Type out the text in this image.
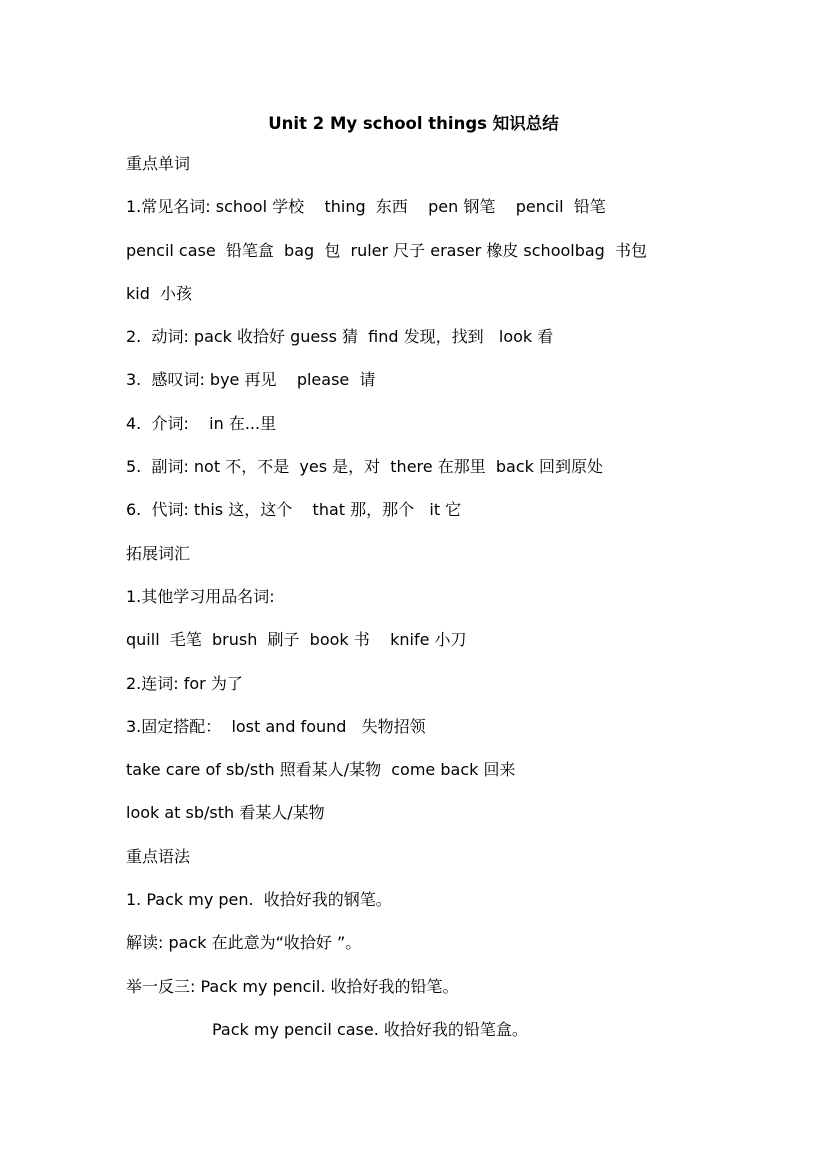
Unit 2 My school things 知识总结
重点单词
1.常见名词: school 学校    thing  东西    pen 钢笔    pencil  铅笔
pencil case  铅笔盒  bag  包  ruler 尺子 eraser 橡皮 schoolbag  书包
kid  小孩
2.  动词: pack 收拾好 guess 猜  find 发现，找到   look 看
3.  感叹词: bye 再见    please  请
4.  介词:    in 在...里
5.  副词: not 不，不是  yes 是，对  there 在那里  back 回到原处
6.  代词: this 这，这个    that 那，那个   it 它
拓展词汇
1.其他学习用品名词:
quill  毛笔  brush  刷子  book 书    knife 小刀
2.连词: for 为了
3.固定搭配：  lost and found   失物招领
take care of sb/sth 照看某人/某物  come back 回来
look at sb/sth 看某人/某物
重点语法
1. Pack my pen.  收拾好我的钢笔。
解读: pack 在此意为“收拾好 ”。
举一反三: Pack my pencil. 收拾好我的铅笔。
Pack my pencil case. 收拾好我的铅笔盒。
